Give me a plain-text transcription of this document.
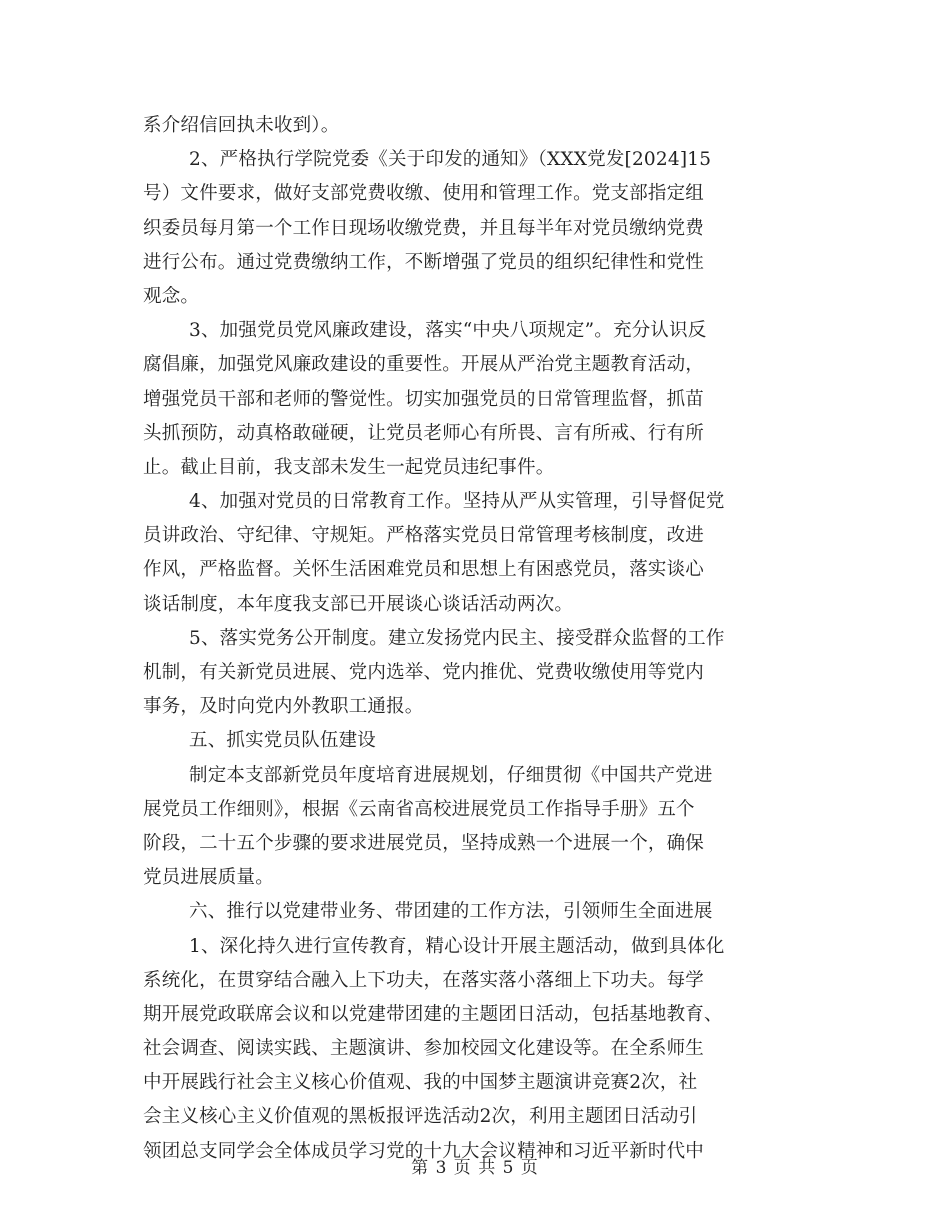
系介绍信回执未收到）。
2、严格执行学院党委《关于印发的通知》（XXX党发[2024]15
号）文件要求，做好支部党费收缴、使用和管理工作。党支部指定组
织委员每月第一个工作日现场收缴党费，并且每半年对党员缴纳党费
进行公布。通过党费缴纳工作，不断增强了党员的组织纪律性和党性
观念。
3、加强党员党风廉政建设，落实“中央八项规定”。充分认识反
腐倡廉，加强党风廉政建设的重要性。开展从严治党主题教育活动，
增强党员干部和老师的警觉性。切实加强党员的日常管理监督，抓苗
头抓预防，动真格敢碰硬，让党员老师心有所畏、言有所戒、行有所
止。截止目前，我支部未发生一起党员违纪事件。
4、加强对党员的日常教育工作。坚持从严从实管理，引导督促党
员讲政治、守纪律、守规矩。严格落实党员日常管理考核制度，改进
作风，严格监督。关怀生活困难党员和思想上有困惑党员，落实谈心
谈话制度，本年度我支部已开展谈心谈话活动两次。
5、落实党务公开制度。建立发扬党内民主、接受群众监督的工作
机制，有关新党员进展、党内选举、党内推优、党费收缴使用等党内
事务，及时向党内外教职工通报。
五、抓实党员队伍建设
制定本支部新党员年度培育进展规划，仔细贯彻《中国共产党进
展党员工作细则》，根据《云南省高校进展党员工作指导手册》五个
阶段，二十五个步骤的要求进展党员，坚持成熟一个进展一个，确保
党员进展质量。
六、推行以党建带业务、带团建的工作方法，引领师生全面进展
1、深化持久进行宣传教育，精心设计开展主题活动，做到具体化
系统化，在贯穿结合融入上下功夫，在落实落小落细上下功夫。每学
期开展党政联席会议和以党建带团建的主题团日活动，包括基地教育、
社会调查、阅读实践、主题演讲、参加校园文化建设等。在全系师生
中开展践行社会主义核心价值观、我的中国梦主题演讲竞赛2次，社
会主义核心主义价值观的黑板报评选活动2次，利用主题团日活动引
领团总支同学会全体成员学习党的十九大会议精神和习近平新时代中
第 3 页 共 5 页
